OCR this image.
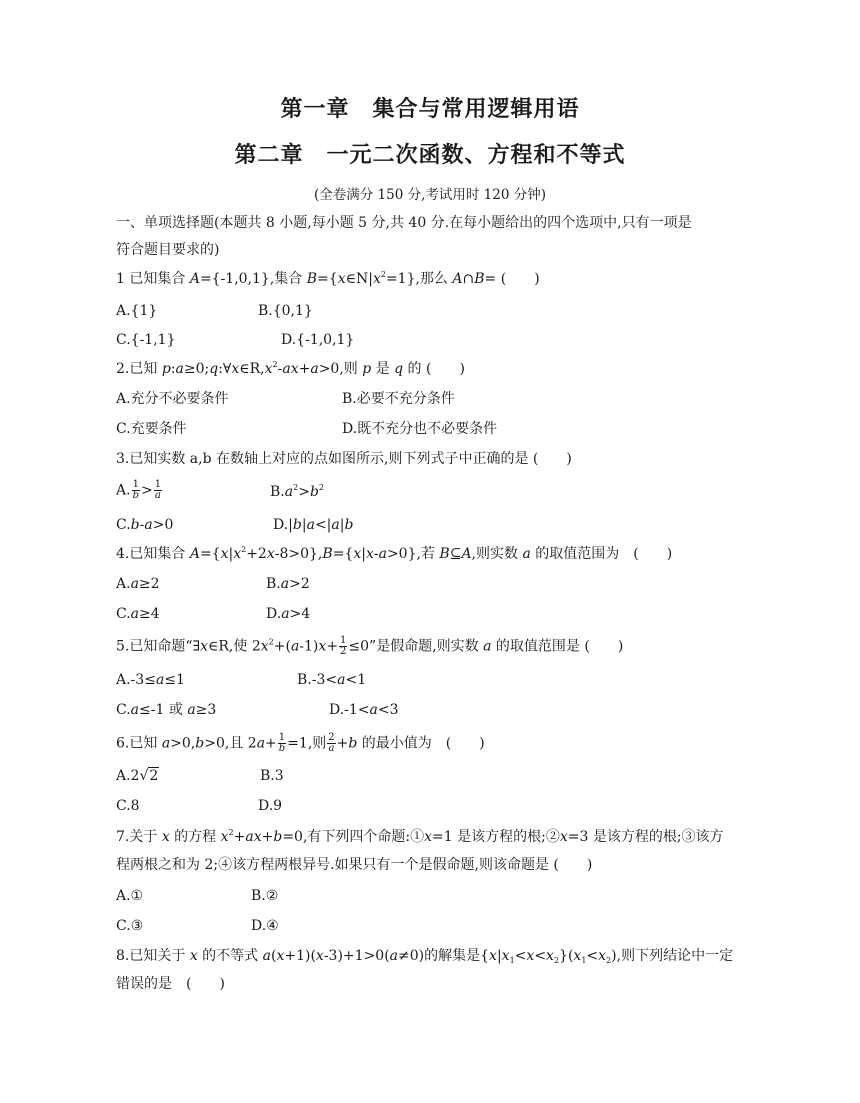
第一章　集合与常用逻辑用语
第二章　一元二次函数、方程和不等式
(全卷满分 150 分,考试用时 120 分钟)
一、单项选择题(本题共 8 小题,每小题 5 分,共 40 分.在每小题给出的四个选项中,只有一项是
符合题目要求的)
1 已知集合 A={-1,0,1},集合 $B=\{x\in N|x^2=1\}$,那么 A∩B= (　　)
A.{1}	B.{0,1}
C.{-1,1}	D.{-1,0,1}
2.已知 $p:a\ge 0;q:\forall x\in R,x^2-ax+a>0$,则 p 是 q 的 (　　)
A.充分不必要条件	B.必要不充分条件
C.充要条件	D.既不充分也不必要条件
3.已知实数 a,b 在数轴上对应的点如图所示,则下列式子中正确的是 (　　)
A. $\frac{1}{b} > \frac{1}{a}$	$B.a^2>b^2$
C.b-a>0	D.|b|a<|a|b
4.已知集合 $A=\{x|x^2+2x-8>0\},B=\{x|x-a>0\}$,若 B⊆A,则实数 a 的取值范围为　(　　)
A.a≥2	B.a>2
C.a≥4	D.a>4
5.已知命题“∃x∈R,使 $2x^2+(a-1)x+ \frac{1}{2} \le 0$”是假命题,则实数 a 的取值范围是 (　　)
A.-3≤a≤1	B.-3<a<1
C.a≤-1 或 a≥3	D.-1<a<3
6.已知 a>0,b>0,且 $2a+ \frac{1}{b} =1$,则 $\frac{2}{a} +b$ 的最小值为　(　　)
A.2√2	B.3
C.8	D.9
7.关于 x 的方程 $x^2+ax+b=0$,有下列四个命题:①x=1 是该方程的根;②x=3 是该方程的根;③该方
程两根之和为 2;④该方程两根异号.如果只有一个是假命题,则该命题是 (　　)
A.①	B.②
C.③	D.④
8.已知关于 x 的不等式 a(x+1)(x-3)+1>0(a≠0)的解集是$\{x|x_1<x<x_2\}(x_1<x_2)$,则下列结论中一定
错误的是　(　　)
